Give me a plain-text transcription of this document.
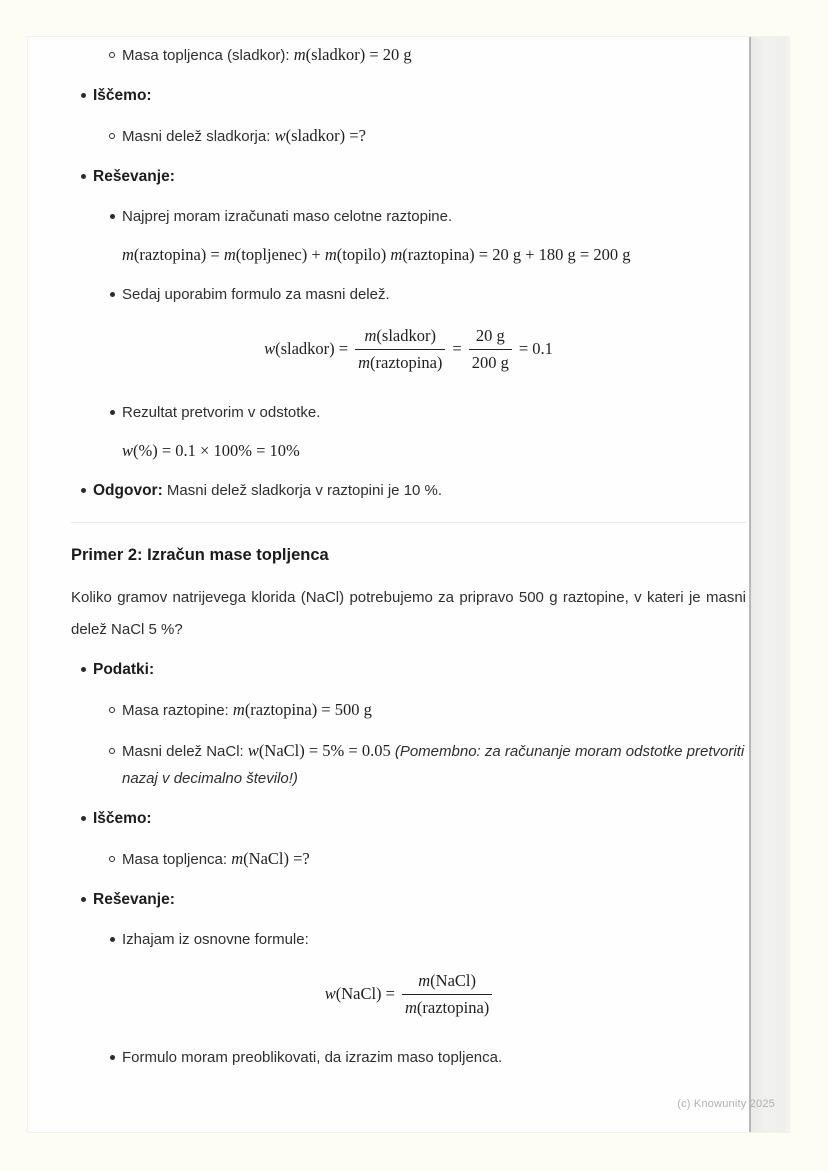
Masa topljenca (sladkor): m(sladkor) = 20 g
Iščemo:
Masni delež sladkorja: w(sladkor) =?
Reševanje:
Najprej moram izračunati maso celotne raztopine.
m(raztopina) = m(topljenec) + m(topilo) m(raztopina) = 20 g + 180 g = 200 g
Sedaj uporabim formulo za masni delež.
w(sladkor) = $\frac{\text{m(sladkor)}}{\text{m(raztopina)}} = \frac{20 g}{200 g} = 0.1$
Rezultat pretvorim v odstotke.
w(%) = 0.1 × 100% = 10%
Odgovor: Masni delež sladkorja v raztopini je 10 %.
Primer 2: Izračun mase topljenca

Koliko gramov natrijevega klorida (NaCl) potrebujemo za pripravo 500 g raztopine, v kateri je masni delež NaCl 5 %?

Podatki:
Masa raztopine: m(raztopina) = 500 g
Masni delež NaCl: w(NaCl) = 5% = 0.05 (Pomembno: za računanje moram odstotke pretvoriti nazaj v decimalno število!)
Iščemo:
Masa topljenca: m(NaCl) =?
Reševanje:
Izhajam iz osnovne formule:
w(NaCl) = $\frac{\text{m(NaCl)}}{\text{m(raztopina)}}$
Formulo moram preoblikovati, da izrazim maso topljenca.
(c) Knowunity 2025
